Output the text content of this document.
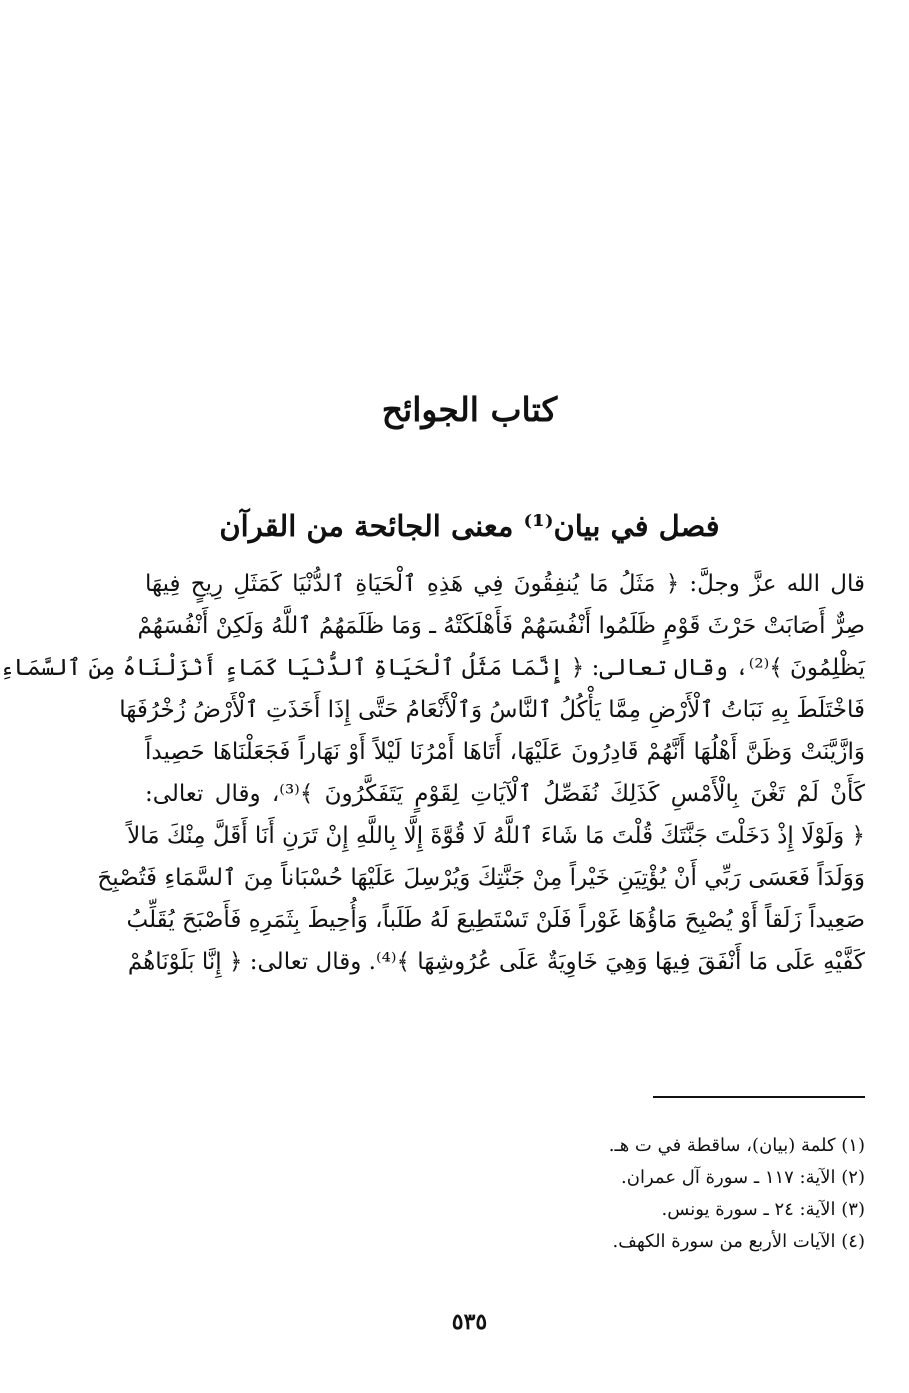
كتاب الجوائح
فصل في بيان⁽¹⁾ معنى الجائحة من القرآن
قال الله عزَّ وجلَّ: ﴿ مَثَلُ مَا يُنفِقُونَ فِي هَذِهِ ٱلْحَيَاةِ ٱلدُّنْيَا كَمَثَلِ رِيحٍ فِيهَا
صِرٌّ أَصَابَتْ حَرْثَ قَوْمٍ ظَلَمُوا أَنْفُسَهُمْ فَأَهْلَكَتْهُ ـ وَمَا ظَلَمَهُمُ ٱللَّهُ وَلَكِنْ أَنْفُسَهُمْ
يَظْلِمُونَ ﴾⁽²⁾، وقال تعالى: ﴿ إِنَّمَا مَثَلُ ٱلْحَيَاةِ ٱلدُّنْيَا كَمَاءٍ أَنْزَلْنَاهُ مِنَ ٱلسَّمَاءِ
فَاخْتَلَطَ بِهِ نَبَاتُ ٱلْأَرْضِ مِمَّا يَأْكُلُ ٱلنَّاسُ وَٱلْأَنْعَامُ حَتَّى إِذَا أَخَذَتِ ٱلْأَرْضُ زُخْرُفَهَا
وَازَّيَّنَتْ وَظَنَّ أَهْلُهَا أَنَّهُمْ قَادِرُونَ عَلَيْهَا، أَتَاهَا أَمْرُنَا لَيْلاً أَوْ نَهَاراً فَجَعَلْنَاهَا حَصِيداً
كَأَنْ لَمْ تَغْنَ بِالْأَمْسِ كَذَلِكَ نُفَصِّلُ ٱلْآيَاتِ لِقَوْمٍ يَتَفَكَّرُونَ ﴾⁽³⁾، وقال تعالى:
﴿ وَلَوْلَا إِذْ دَخَلْتَ جَنَّتَكَ قُلْتَ مَا شَاءَ ٱللَّهُ لَا قُوَّةَ إِلَّا بِاللَّهِ إِنْ تَرَنِ أَنَا أَقَلَّ مِنْكَ مَالاً
وَوَلَدَاً فَعَسَى رَبِّي أَنْ يُؤْتِيَنِ خَيْراً مِنْ جَنَّتِكَ وَيُرْسِلَ عَلَيْهَا حُسْبَاناً مِنَ ٱلسَّمَاءِ فَتُصْبِحَ
صَعِيداً زَلَقاً أَوْ يُصْبِحَ مَاؤُهَا غَوْراً فَلَنْ تَسْتَطِيعَ لَهُ طَلَباً، وَأُحِيطَ بِثَمَرِهِ فَأَصْبَحَ يُقَلِّبُ
كَفَّيْهِ عَلَى مَا أَنْفَقَ فِيهَا وَهِيَ خَاوِيَةٌ عَلَى عُرُوشِهَا ﴾⁽⁴⁾. وقال تعالى: ﴿ إِنَّا بَلَوْنَاهُمْ
(١) كلمة (بيان)، ساقطة في ت هـ.
(٢) الآية: ١١٧ ـ سورة آل عمران.
(٣) الآية: ٢٤ ـ سورة يونس.
(٤) الآيات الأربع من سورة الكهف.
٥٣٥
